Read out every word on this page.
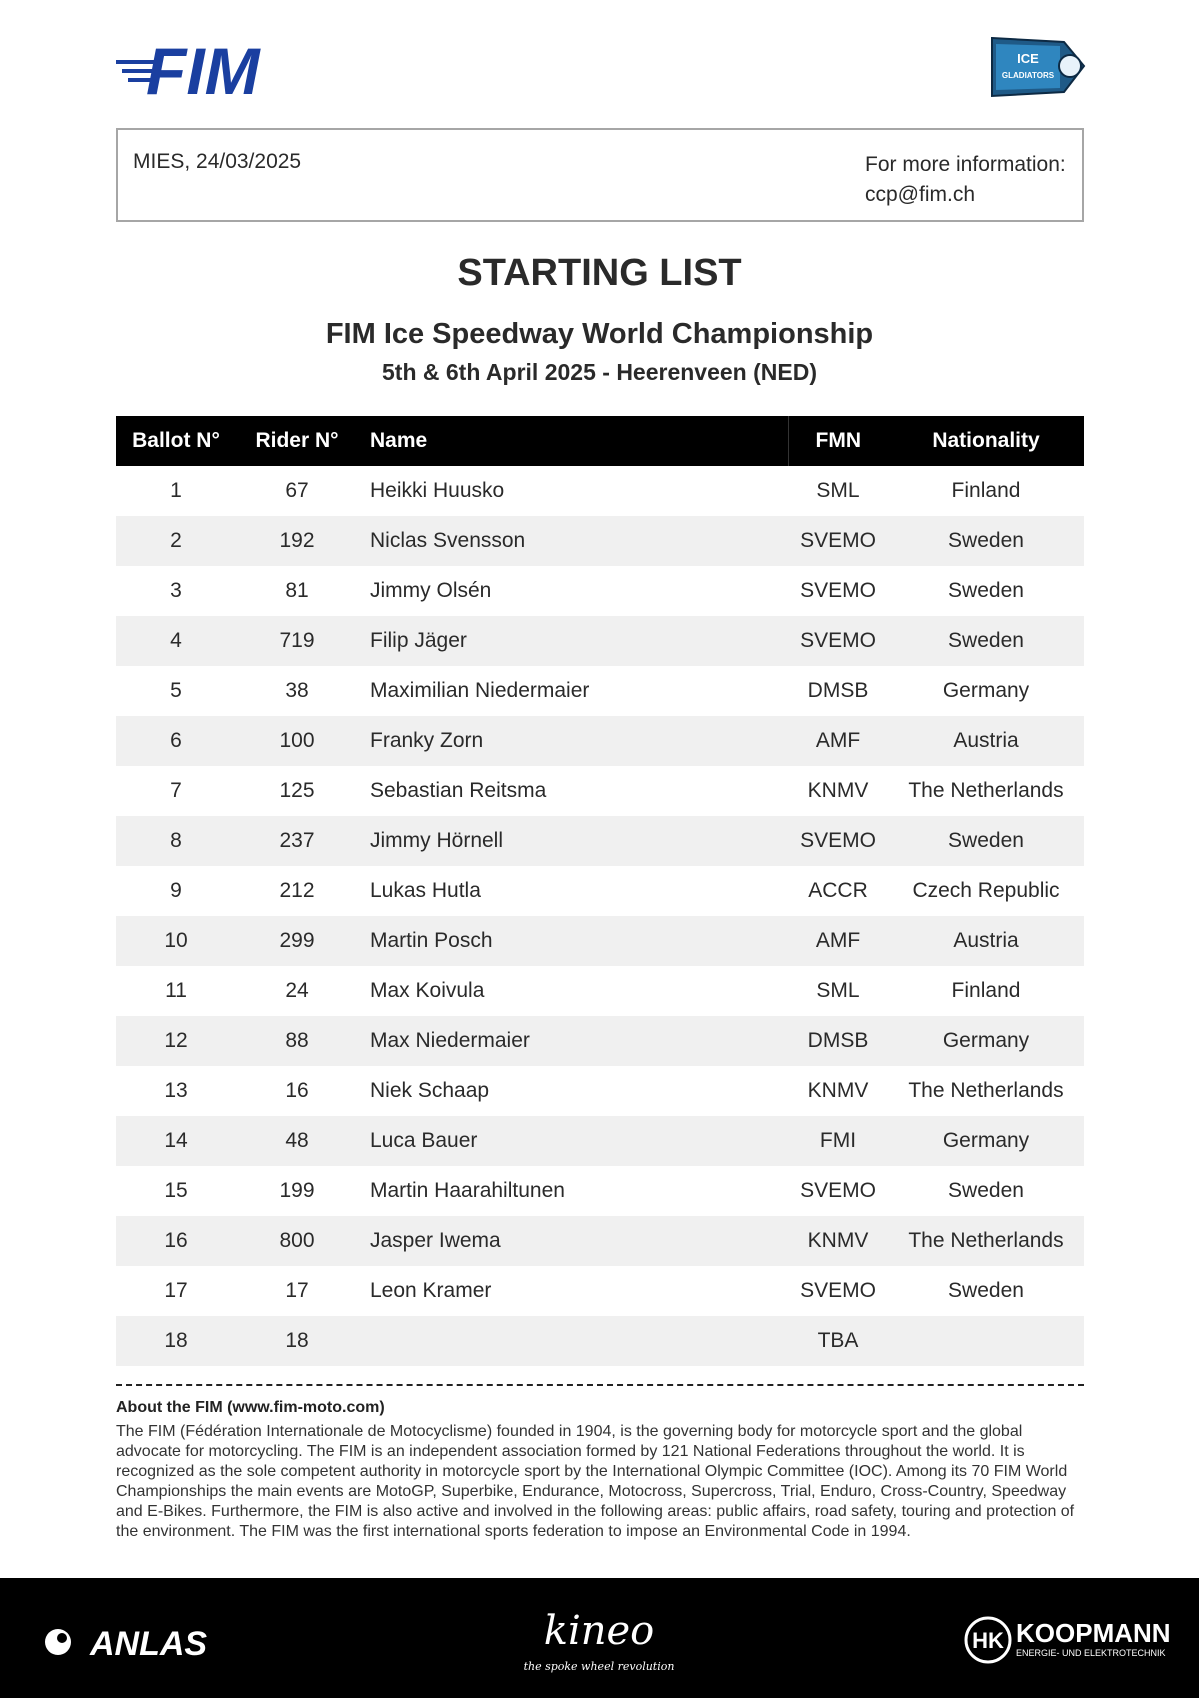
FIM	ICE
GLADIATORS
MIES, 24/03/2025	For more information:
ccp@fim.ch
STARTING LIST
FIM Ice Speedway World Championship
5th & 6th April 2025 - Heerenveen (NED)
Ballot N°	Rider N°	Name	FMN	Nationality
1	67	Heikki Huusko	SML	Finland
2	192	Niclas Svensson	SVEMO	Sweden
3	81	Jimmy Olsén	SVEMO	Sweden
4	719	Filip Jäger	SVEMO	Sweden
5	38	Maximilian Niedermaier	DMSB	Germany
6	100	Franky Zorn	AMF	Austria
7	125	Sebastian Reitsma	KNMV	The Netherlands
8	237	Jimmy Hörnell	SVEMO	Sweden
9	212	Lukas Hutla	ACCR	Czech Republic
10	299	Martin Posch	AMF	Austria
11	24	Max Koivula	SML	Finland
12	88	Max Niedermaier	DMSB	Germany
13	16	Niek Schaap	KNMV	The Netherlands
14	48	Luca Bauer	FMI	Germany
15	199	Martin Haarahiltunen	SVEMO	Sweden
16	800	Jasper Iwema	KNMV	The Netherlands
17	17	Leon Kramer	SVEMO	Sweden
18	18		TBA	
About the FIM (www.fim-moto.com)
The FIM (Fédération Internationale de Motocyclisme) founded in 1904, is the governing body for motorcycle sport and the global advocate for motorcycling. The FIM is an independent association formed by 121 National Federations throughout the world. It is recognized as the sole competent authority in motorcycle sport by the International Olympic Committee (IOC). Among its 70 FIM World Championships the main events are MotoGP, Superbike, Endurance, Motocross, Supercross, Trial, Enduro, Cross-Country, Speedway and E-Bikes. Furthermore, the FIM is also active and involved in the following areas: public affairs, road safety, touring and protection of the environment. The FIM was the first international sports federation to impose an Environmental Code in 1994.
ANLAS	kineo
the spoke wheel revolution
HK KOOPMANN
ENERGIE- UND ELEKTROTECHNIK
